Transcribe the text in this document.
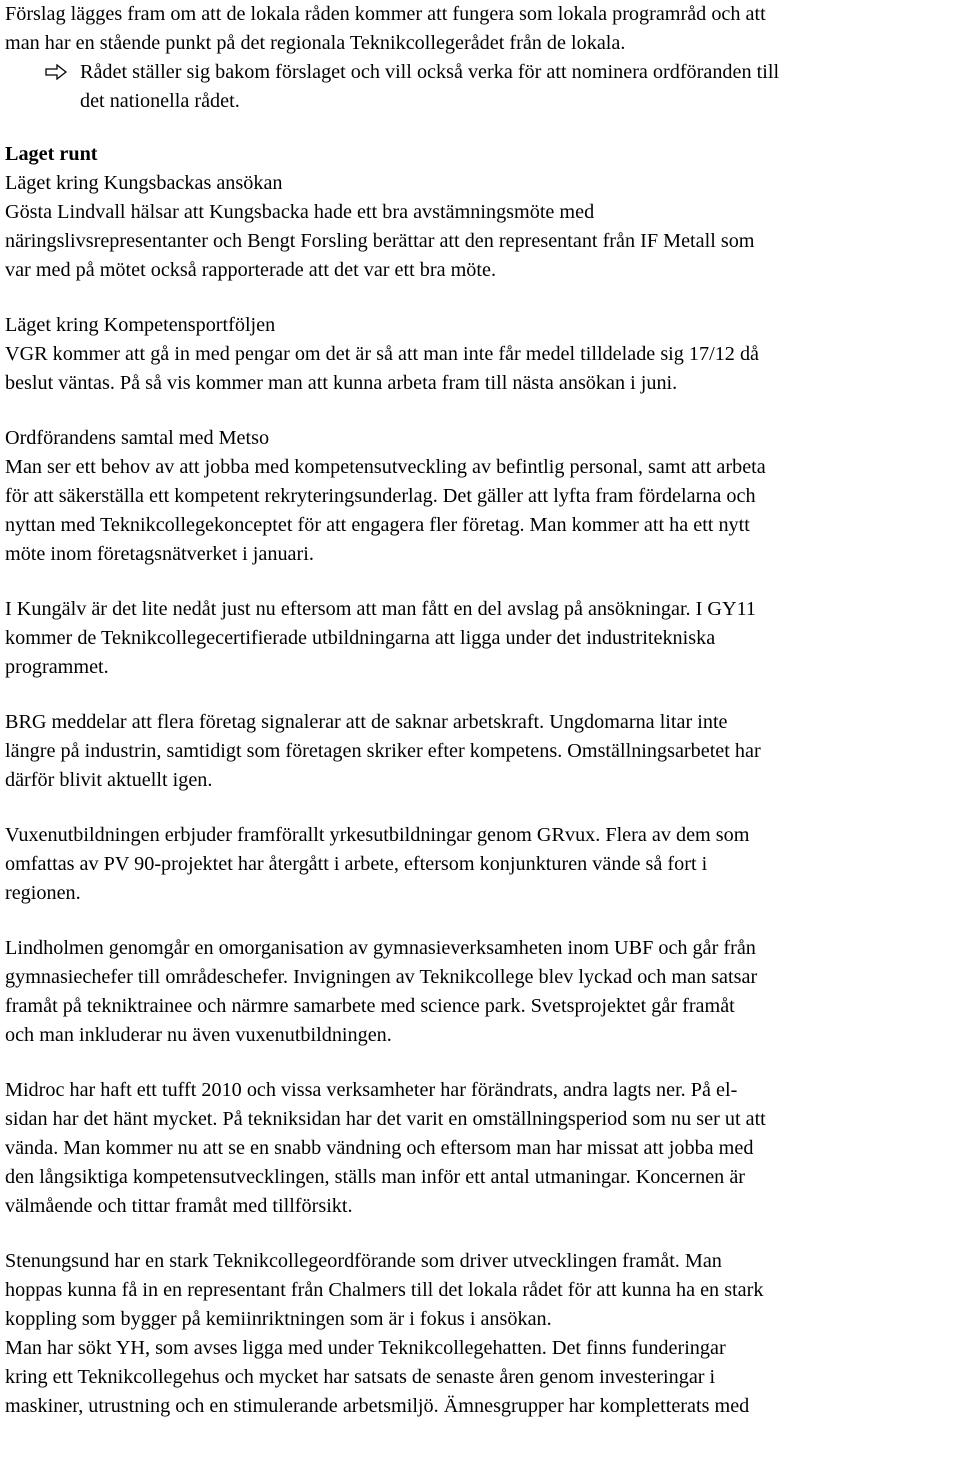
Förslag lägges fram om att de lokala råden kommer att fungera som lokala programråd och att
man har en stående punkt på det regionala Teknikcollegerådet från de lokala.
Rådet ställer sig bakom förslaget och vill också verka för att nominera ordföranden till
det nationella rådet.
Laget runt
Läget kring Kungsbackas ansökan
Gösta Lindvall hälsar att Kungsbacka hade ett bra avstämningsmöte med
näringslivsrepresentanter och Bengt Forsling berättar att den representant från IF Metall som
var med på mötet också rapporterade att det var ett bra möte.
Läget kring Kompetensportföljen
VGR kommer att gå in med pengar om det är så att man inte får medel tilldelade sig 17/12 då
beslut väntas. På så vis kommer man att kunna arbeta fram till nästa ansökan i juni.
Ordförandens samtal med Metso
Man ser ett behov av att jobba med kompetensutveckling av befintlig personal, samt att arbeta
för att säkerställa ett kompetent rekryteringsunderlag. Det gäller att lyfta fram fördelarna och
nyttan med Teknikcollegekonceptet för att engagera fler företag. Man kommer att ha ett nytt
möte inom företagsnätverket i januari.
I Kungälv är det lite nedåt just nu eftersom att man fått en del avslag på ansökningar. I GY11
kommer de Teknikcollegecertifierade utbildningarna att ligga under det industritekniska
programmet.
BRG meddelar att flera företag signalerar att de saknar arbetskraft. Ungdomarna litar inte
längre på industrin, samtidigt som företagen skriker efter kompetens. Omställningsarbetet har
därför blivit aktuellt igen.
Vuxenutbildningen erbjuder framförallt yrkesutbildningar genom GRvux. Flera av dem som
omfattas av PV 90-projektet har återgått i arbete, eftersom konjunkturen vände så fort i
regionen.
Lindholmen genomgår en omorganisation av gymnasieverksamheten inom UBF och går från
gymnasiechefer till områdeschefer. Invigningen av Teknikcollege blev lyckad och man satsar
framåt på tekniktrainee och närmre samarbete med science park. Svetsprojektet går framåt
och man inkluderar nu även vuxenutbildningen.
Midroc har haft ett tufft 2010 och vissa verksamheter har förändrats, andra lagts ner. På el-
sidan har det hänt mycket. På tekniksidan har det varit en omställningsperiod som nu ser ut att
vända. Man kommer nu att se en snabb vändning och eftersom man har missat att jobba med
den långsiktiga kompetensutvecklingen, ställs man inför ett antal utmaningar. Koncernen är
välmående och tittar framåt med tillförsikt.
Stenungsund har en stark Teknikcollegeordförande som driver utvecklingen framåt. Man
hoppas kunna få in en representant från Chalmers till det lokala rådet för att kunna ha en stark
koppling som bygger på kemiinriktningen som är i fokus i ansökan.
Man har sökt YH, som avses ligga med under Teknikcollegehatten. Det finns funderingar
kring ett Teknikcollegehus och mycket har satsats de senaste åren genom investeringar i
maskiner, utrustning och en stimulerande arbetsmiljö. Ämnesgrupper har kompletterats med
